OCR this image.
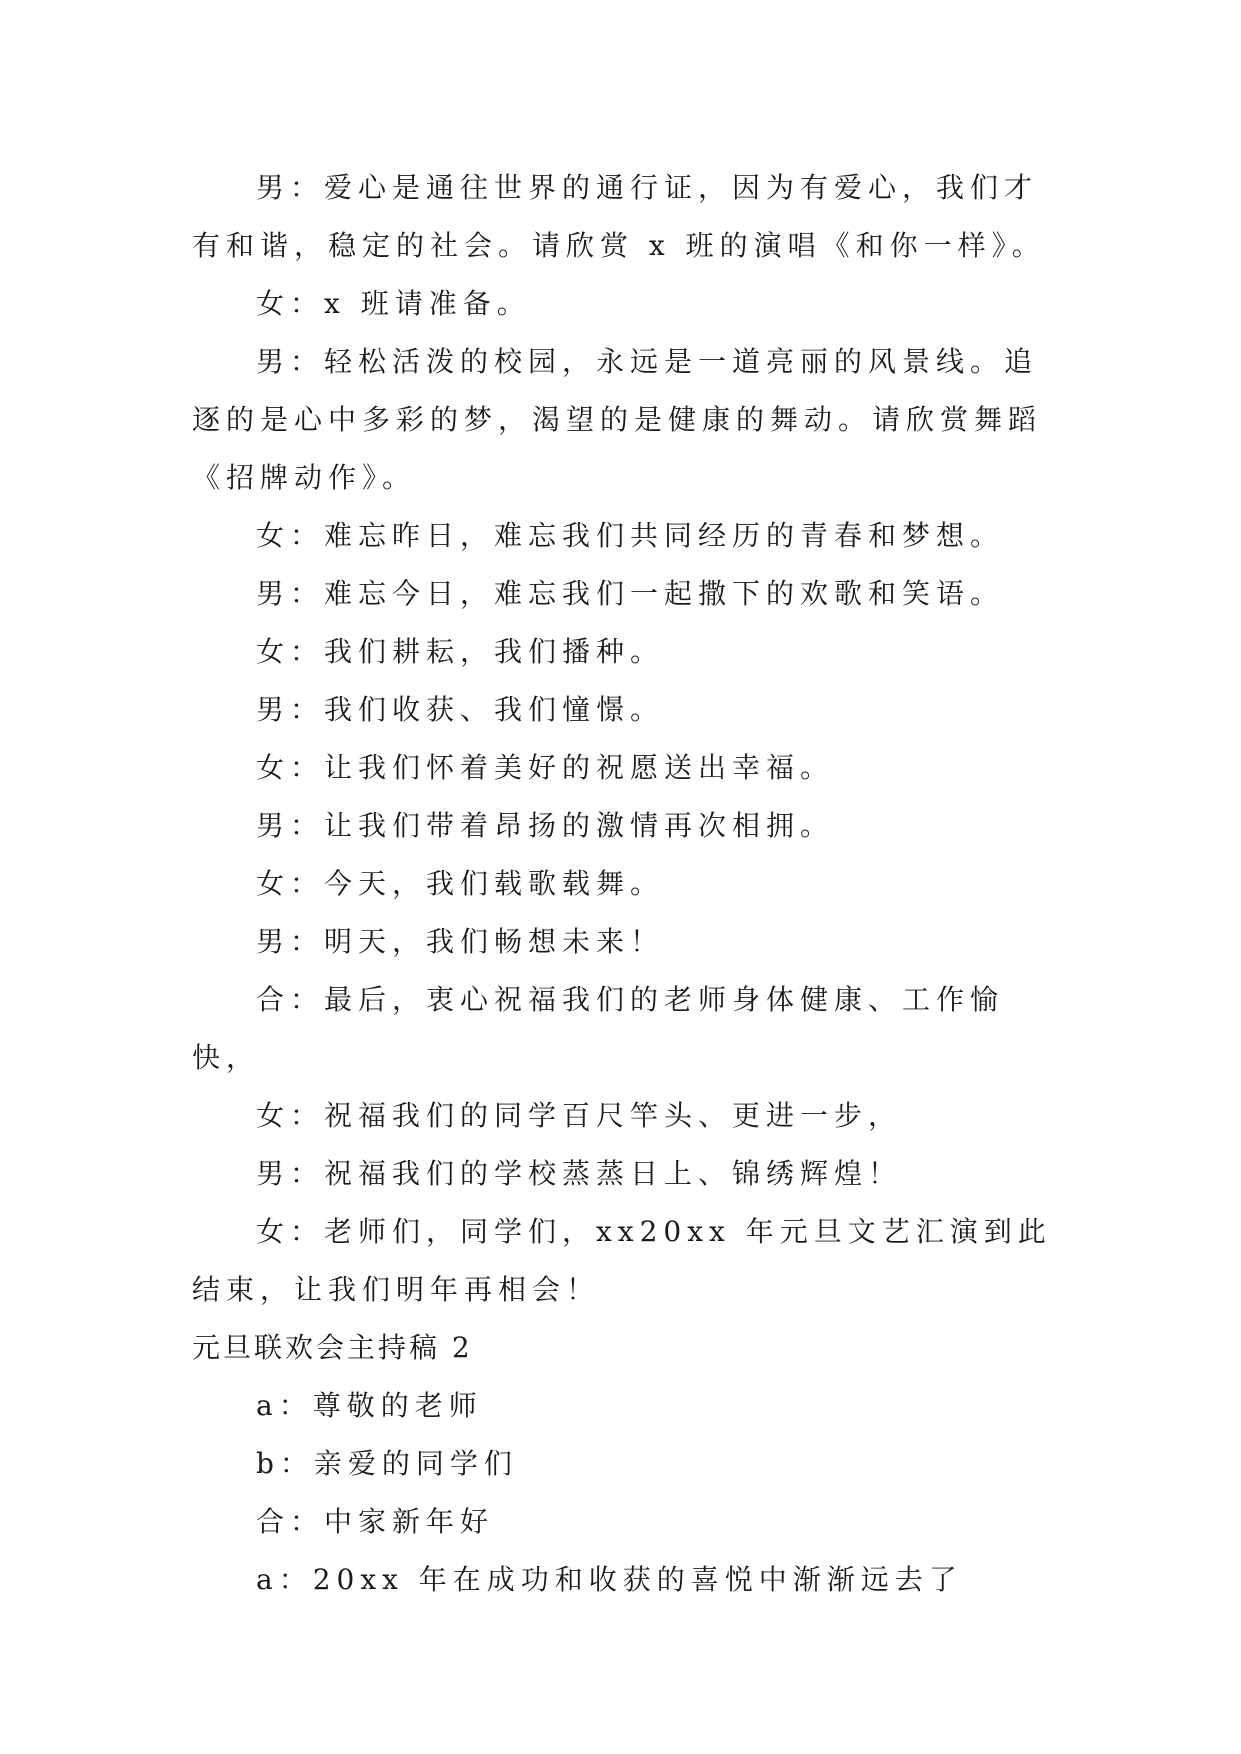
男：爱心是通往世界的通行证，因为有爱心，我们才有和谐，稳定的社会。请欣赏 x 班的演唱《和你一样》。

女：x 班请准备。

男：轻松活泼的校园，永远是一道亮丽的风景线。追逐的是心中多彩的梦，渴望的是健康的舞动。请欣赏舞蹈《招牌动作》。

女：难忘昨日，难忘我们共同经历的青春和梦想。

男：难忘今日，难忘我们一起撒下的欢歌和笑语。

女：我们耕耘，我们播种。

男：我们收获、我们憧憬。

女：让我们怀着美好的祝愿送出幸福。

男：让我们带着昂扬的激情再次相拥。

女：今天，我们载歌载舞。

男：明天，我们畅想未来！

合：最后，衷心祝福我们的老师身体健康、工作愉快，

女：祝福我们的同学百尺竿头、更进一步，

男：祝福我们的学校蒸蒸日上、锦绣辉煌！

女：老师们，同学们，xx20xx 年元旦文艺汇演到此结束，让我们明年再相会！

元旦联欢会主持稿 2

a：尊敬的老师

b：亲爱的同学们

合：中家新年好

a：20xx 年在成功和收获的喜悦中渐渐远去了
